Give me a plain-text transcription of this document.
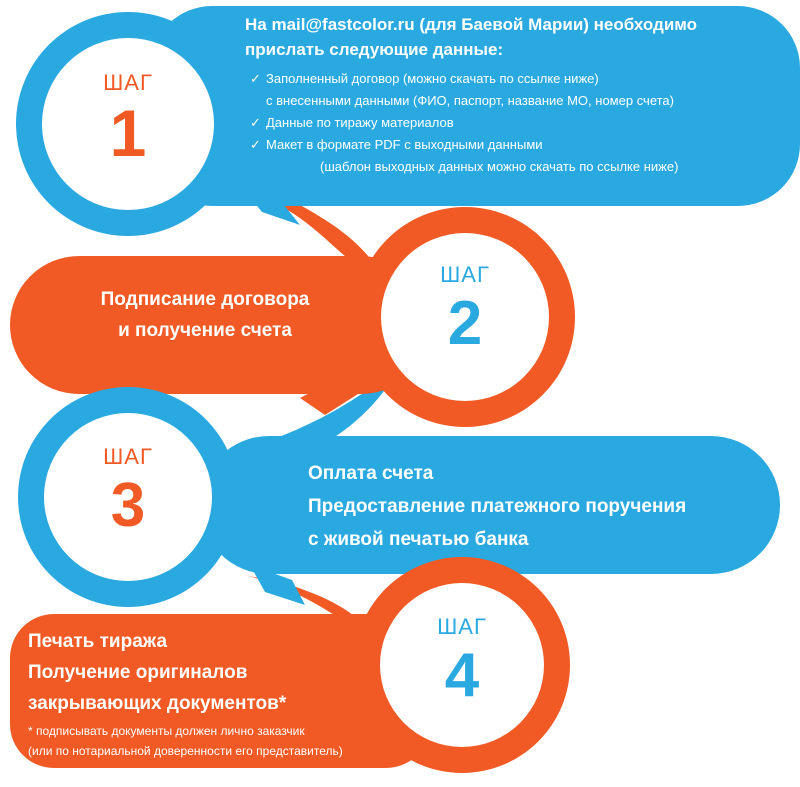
ШАГ
1
На mail@fastcolor.ru (для Баевой Марии) необходимо
прислать следующие данные:
✓ Заполненный договор (можно скачать по ссылке ниже)
с внесенными данными (ФИО, паспорт, название МО, номер счета)
✓ Данные по тиражу материалов
✓ Макет в формате PDF с выходными данными
(шаблон выходных данных можно скачать по ссылке ниже)
ШАГ
2
Подписание договора
и получение счета
ШАГ
3	Оплата счета
Предоставление платежного поручения
с живой печатью банка
ШАГ
4
Печать тиража
Получение оригиналов
закрывающих документов*
* подписывать документы должен лично заказчик
(или по нотариальной доверенности его представитель)
